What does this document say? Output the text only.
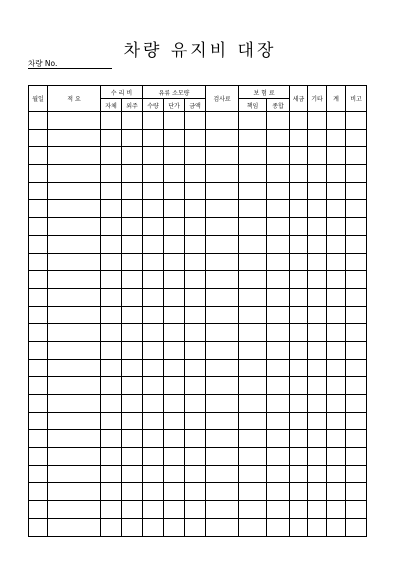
차량 유지비 대장
차량 No.
월일	적 요	수 리 비		유류 소모량			검사료	보 험 료		세금	기타	계	비고
		자체	외주	수량	단가	금액		책임	종합				
